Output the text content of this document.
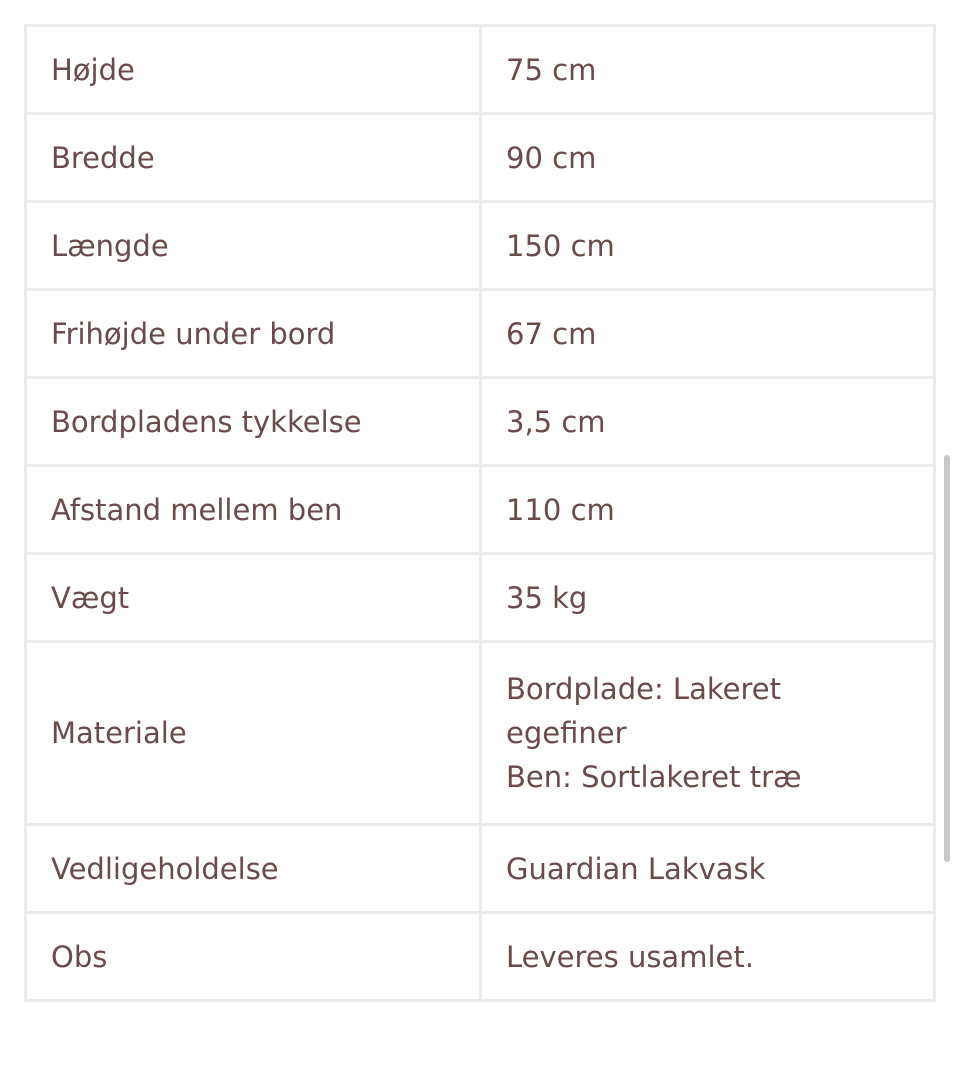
Højde	75 cm

Bredde	90 cm

Længde	150 cm

Frihøjde under bord	67 cm

Bordpladens tykkelse	3,5 cm

Afstand mellem ben	110 cm

Vægt	35 kg

Materiale	Bordplade: Lakeret
egefiner
Ben: Sortlakeret træ

Vedligeholdelse	Guardian Lakvask

Obs	Leveres usamlet.
